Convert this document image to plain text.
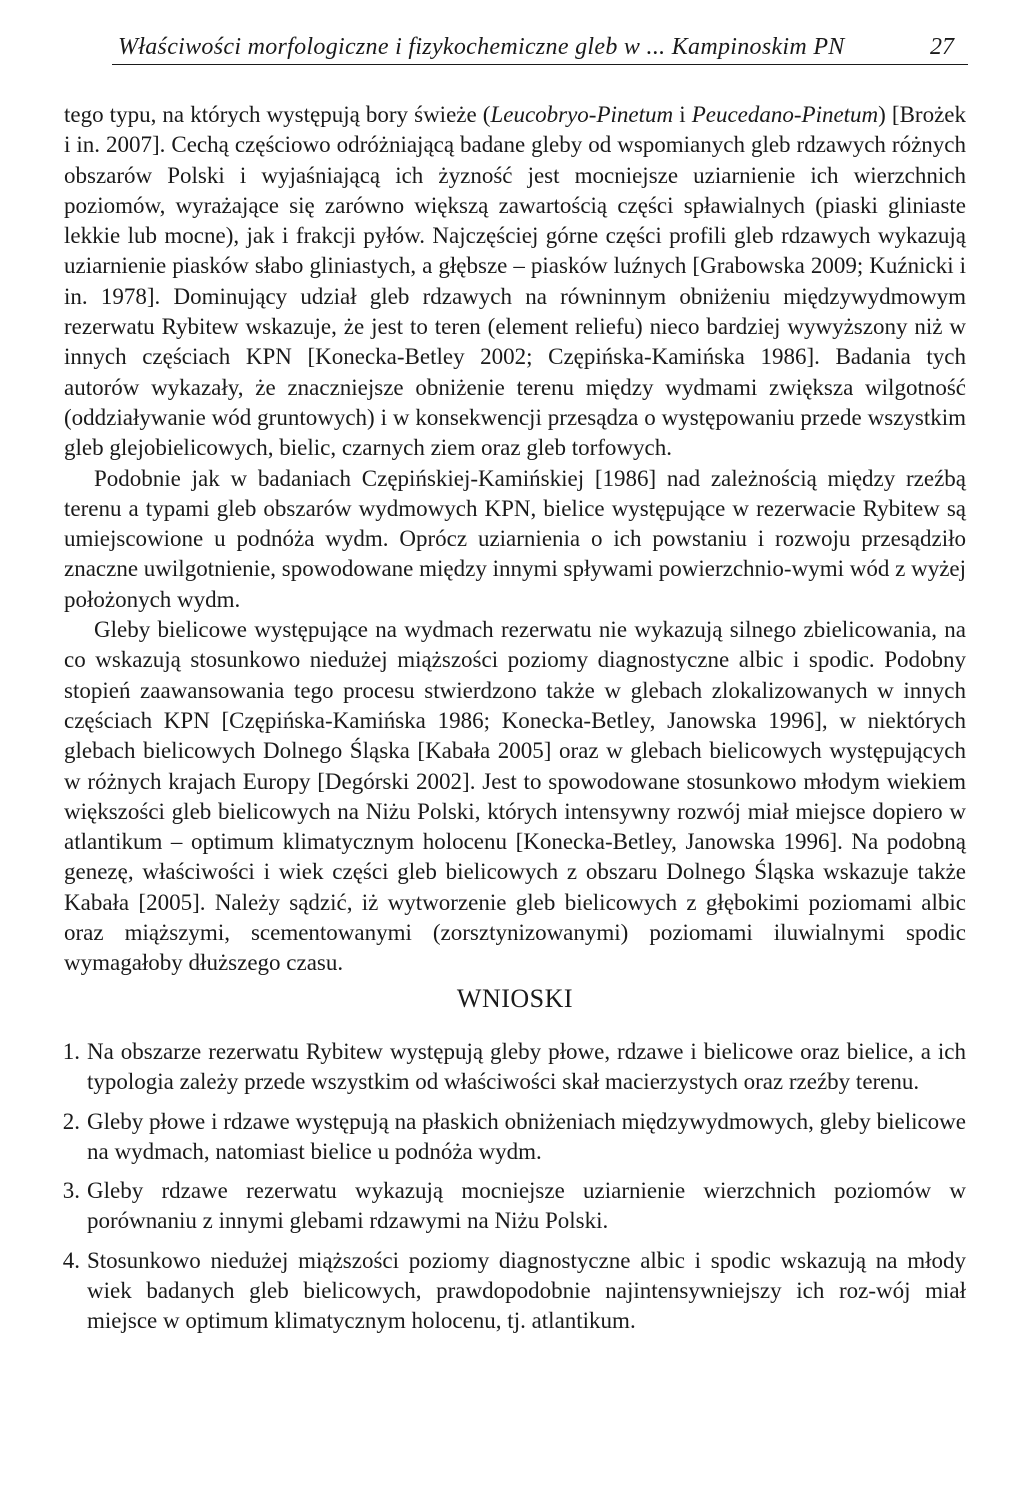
Właściwości morfologiczne i fizykochemiczne gleb w ... Kampinoskim PN	27

tego typu, na których występują bory świeże (Leucobryo-Pinetum i Peucedano-Pinetum) [Brożek i in. 2007]. Cechą częściowo odróżniającą badane gleby od wspomianych gleb rdzawych różnych obszarów Polski i wyjaśniającą ich żyzność jest mocniejsze uziarnienie ich wierzchnich poziomów, wyrażające się zarówno większą zawartością części spławialnych (piaski gliniaste lekkie lub mocne), jak i frakcji pyłów. Najczęściej górne części profili gleb rdzawych wykazują uziarnienie piasków słabo gliniastych, a głębsze – piasków luźnych [Grabowska 2009; Kuźnicki i in. 1978]. Dominujący udział gleb rdzawych na równinnym obniżeniu międzywydmowym rezerwatu Rybitew wskazuje, że jest to teren (element reliefu) nieco bardziej wywyższony niż w innych częściach KPN [Konecka-Betley 2002; Czępińska-Kamińska 1986]. Badania tych autorów wykazały, że znaczniejsze obniżenie terenu między wydmami zwiększa wilgotność (oddziaływanie wód gruntowych) i w konsekwencji przesądza o występowaniu przede wszystkim gleb glejobielicowych, bielic, czarnych ziem oraz gleb torfowych.

Podobnie jak w badaniach Czępińskiej-Kamińskiej [1986] nad zależnością między rzeźbą terenu a typami gleb obszarów wydmowych KPN, bielice występujące w rezerwacie Rybitew są umiejscowione u podnóża wydm. Oprócz uziarnienia o ich powstaniu i rozwoju przesądziło znaczne uwilgotnienie, spowodowane między innymi spływami powierzchnio-wymi wód z wyżej położonych wydm.

Gleby bielicowe występujące na wydmach rezerwatu nie wykazują silnego zbielicowania, na co wskazują stosunkowo niedużej miąższości poziomy diagnostyczne albic i spodic. Podobny stopień zaawansowania tego procesu stwierdzono także w glebach zlokalizowanych w innych częściach KPN [Czępińska-Kamińska 1986; Konecka-Betley, Janowska 1996], w niektórych glebach bielicowych Dolnego Śląska [Kabała 2005] oraz w glebach bielicowych występujących w różnych krajach Europy [Degórski 2002]. Jest to spowodowane stosunkowo młodym wiekiem większości gleb bielicowych na Niżu Polski, których intensywny rozwój miał miejsce dopiero w atlantikum – optimum klimatycznym holocenu [Konecka-Betley, Janowska 1996]. Na podobną genezę, właściwości i wiek części gleb bielicowych z obszaru Dolnego Śląska wskazuje także Kabała [2005]. Należy sądzić, iż wytworzenie gleb bielicowych z głębokimi poziomami albic oraz miąższymi, scementowanymi (zorsztynizowanymi) poziomami iluwialnymi spodic wymagałoby dłuższego czasu.

WNIOSKI
1. Na obszarze rezerwatu Rybitew występują gleby płowe, rdzawe i bielicowe oraz bielice, a ich typologia zależy przede wszystkim od właściwości skał macierzystych oraz rzeźby terenu.
2. Gleby płowe i rdzawe występują na płaskich obniżeniach międzywydmowych, gleby bielicowe na wydmach, natomiast bielice u podnóża wydm.
3. Gleby rdzawe rezerwatu wykazują mocniejsze uziarnienie wierzchnich poziomów w porównaniu z innymi glebami rdzawymi na Niżu Polski.
4. Stosunkowo niedużej miąższości poziomy diagnostyczne albic i spodic wskazują na młody wiek badanych gleb bielicowych, prawdopodobnie najintensywniejszy ich roz-wój miał miejsce w optimum klimatycznym holocenu, tj. atlantikum.
